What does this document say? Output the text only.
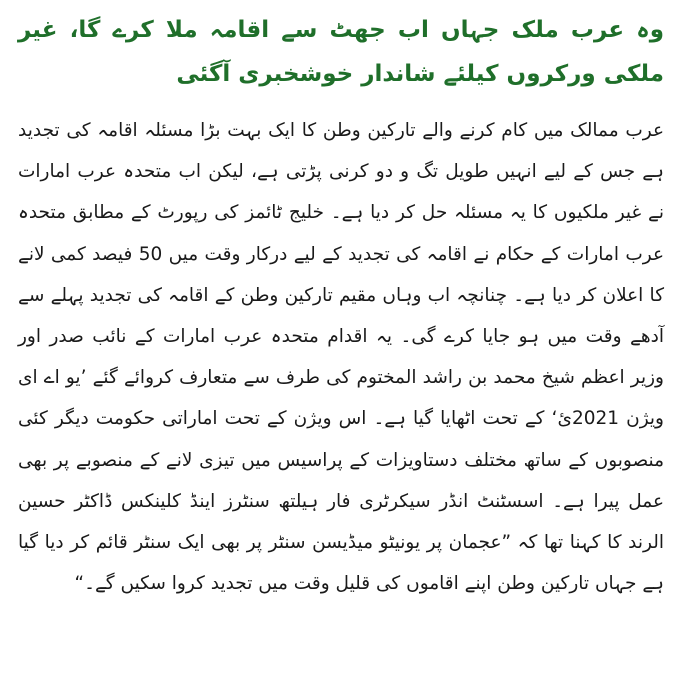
وہ عرب ملک جہاں اب جھٹ سے اقامہ ملا کرے گا، غیر ملکی ورکروں کیلئے شاندار خوشخبری آگئی

عرب ممالک میں کام کرنے والے تارکین وطن کا ایک بہت بڑا مسئلہ اقامہ کی تجدید ہے جس کے لیے انہیں طویل تگ و دو کرنی پڑتی ہے، لیکن اب متحدہ عرب امارات نے غیر ملکیوں کا یہ مسئلہ حل کر دیا ہے۔ خلیج ٹائمز کی رپورٹ کے مطابق متحدہ عرب امارات کے حکام نے اقامہ کی تجدید کے لیے درکار وقت میں 50 فیصد کمی لانے کا اعلان کر دیا ہے۔ چنانچہ اب وہاں مقیم تارکین وطن کے اقامہ کی تجدید پہلے سے آدھے وقت میں ہو جایا کرے گی۔ یہ اقدام متحدہ عرب امارات کے نائب صدر اور وزیر اعظم شیخ محمد بن راشد المختوم کی طرف سے متعارف کروائے گئے ’یو اے ای ویژن 2021ئ‘ کے تحت اٹھایا گیا ہے۔ اس ویژن کے تحت اماراتی حکومت دیگر کئی منصوبوں کے ساتھ مختلف دستاویزات کے پراسیس میں تیزی لانے کے منصوبے پر بھی عمل پیرا ہے۔ اسسٹنٹ انڈر سیکرٹری فار ہیلتھ سنٹرز اینڈ کلینکس ڈاکٹر حسین الرند کا کہنا تھا کہ ”عجمان پر یونیٹو میڈیسن سنٹر پر بھی ایک سنٹر قائم کر دیا گیا ہے جہاں تارکین وطن اپنے اقاموں کی قلیل وقت میں تجدید کروا سکیں گے۔“
